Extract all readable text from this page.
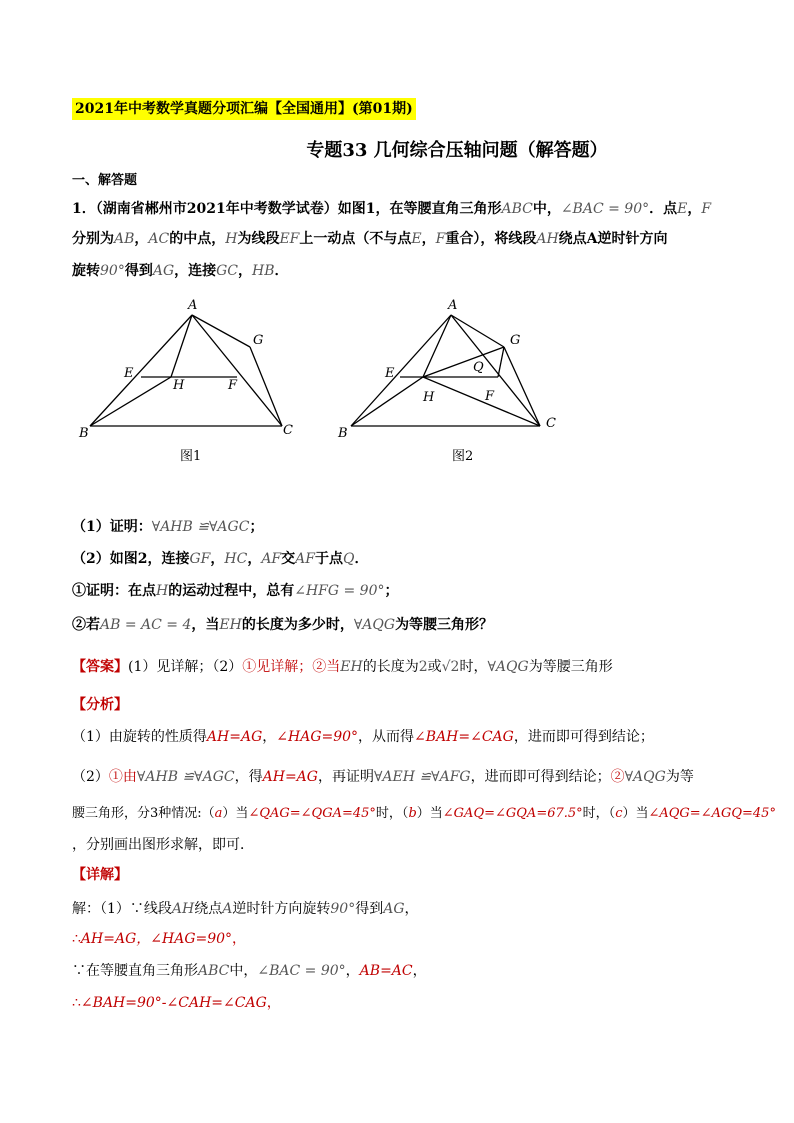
2021年中考数学真题分项汇编【全国通用】(第01期)
专题33 几何综合压轴问题（解答题）
一、解答题
1．（湖南省郴州市2021年中考数学试卷）如图1，在等腰直角三角形ABC中，∠BAC = 90°．点E，F
分别为AB，AC的中点，H为线段EF上一动点（不与点E，F重合），将线段AH绕点A逆时针方向
旋转90°得到AG，连接GC，HB．
A
B	C
E
F
G
H
图1
A
B
C
E
F
G
H
Q
图2
（1）证明：∀AHB ≌∀AGC；
（2）如图2，连接GF，HC，AF交AF于点Q．
①证明：在点H的运动过程中，总有∠HFG = 90°；
②若AB = AC = 4，当EH的长度为多少时，∀AQG为等腰三角形？
【答案】(1）见详解；（2）①见详解；②当EH的长度为2或√2时，∀AQG为等腰三角形
【分析】
（1）由旋转的性质得AH=AG，∠HAG=90°，从而得∠BAH=∠CAG，进而即可得到结论；
（2）①由∀AHB ≌∀AGC，得AH=AG，再证明∀AEH ≌∀AFG，进而即可得到结论；②∀AQG为等
腰三角形，分3种情况:（a）当∠QAG=∠QGA=45°时，（b）当∠GAQ=∠GQA=67.5°时，（c）当∠AQG=∠AGQ=45°
，分别画出图形求解，即可．
【详解】
解：（1）∵线段AH绕点A逆时针方向旋转90°得到AG，
∴AH=AG，∠HAG=90°，
∵在等腰直角三角形ABC中，∠BAC = 90°，AB=AC，
∴∠BAH=90°-∠CAH=∠CAG，
